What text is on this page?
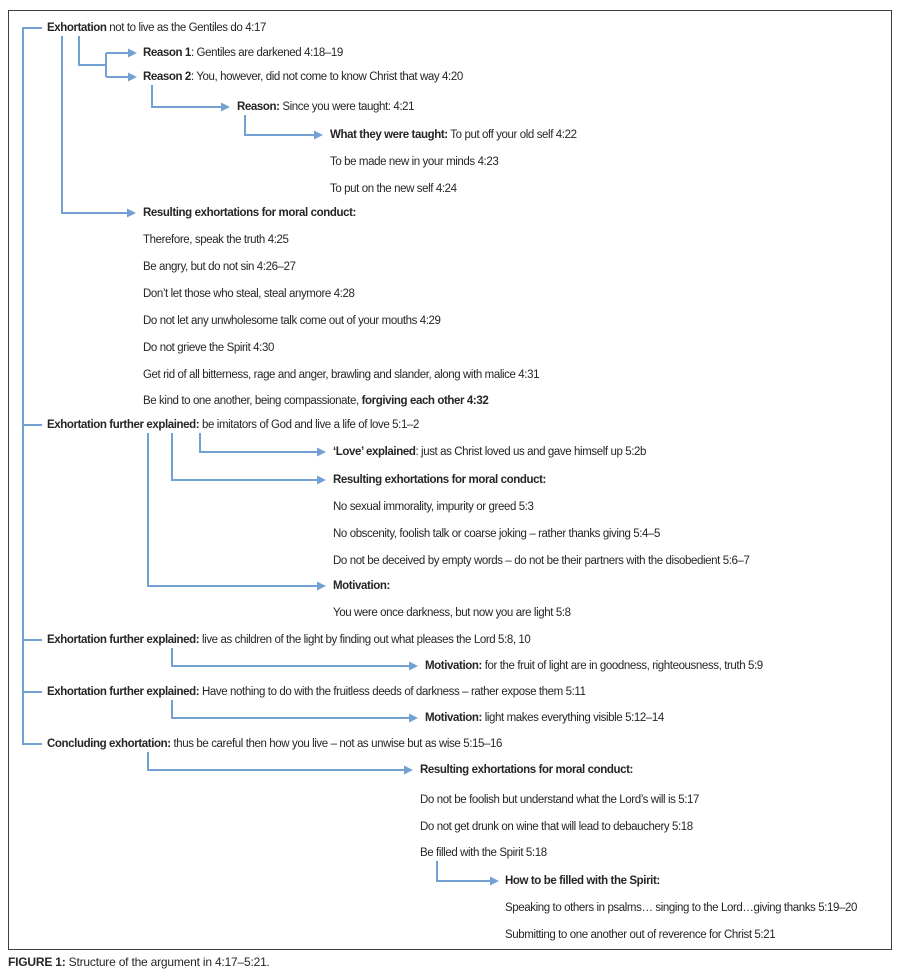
Exhortation not to live as the Gentiles do 4:17
Reason 1: Gentiles are darkened 4:18–19
Reason 2: You, however, did not come to know Christ that way 4:20
Reason: Since you were taught: 4:21
What they were taught: To put off your old self 4:22
To be made new in your minds 4:23
To put on the new self 4:24
Resulting exhortations for moral conduct:
Therefore, speak the truth 4:25
Be angry, but do not sin 4:26–27
Don’t let those who steal, steal anymore 4:28
Do not let any unwholesome talk come out of your mouths 4:29
Do not grieve the Spirit 4:30
Get rid of all bitterness, rage and anger, brawling and slander, along with malice 4:31
Be kind to one another, being compassionate, forgiving each other 4:32
Exhortation further explained: be imitators of God and live a life of love 5:1–2
‘Love’ explained: just as Christ loved us and gave himself up 5:2b
Resulting exhortations for moral conduct:
No sexual immorality, impurity or greed 5:3
No obscenity, foolish talk or coarse joking – rather thanks giving 5:4–5
Do not be deceived by empty words – do not be their partners with the disobedient 5:6–7
Motivation:
You were once darkness, but now you are light 5:8
Exhortation further explained: live as children of the light by finding out what pleases the Lord 5:8, 10
Motivation: for the fruit of light are in goodness, righteousness, truth 5:9
Exhortation further explained: Have nothing to do with the fruitless deeds of darkness – rather expose them 5:11
Motivation: light makes everything visible 5:12–14
Concluding exhortation: thus be careful then how you live – not as unwise but as wise 5:15–16
Resulting exhortations for moral conduct:
Do not be foolish but understand what the Lord’s will is 5:17
Do not get drunk on wine that will lead to debauchery 5:18
Be filled with the Spirit 5:18
How to be filled with the Spirit:
Speaking to others in psalms… singing to the Lord…giving thanks 5:19–20
Submitting to one another out of reverence for Christ 5:21
FIGURE 1: Structure of the argument in 4:17–5:21.
